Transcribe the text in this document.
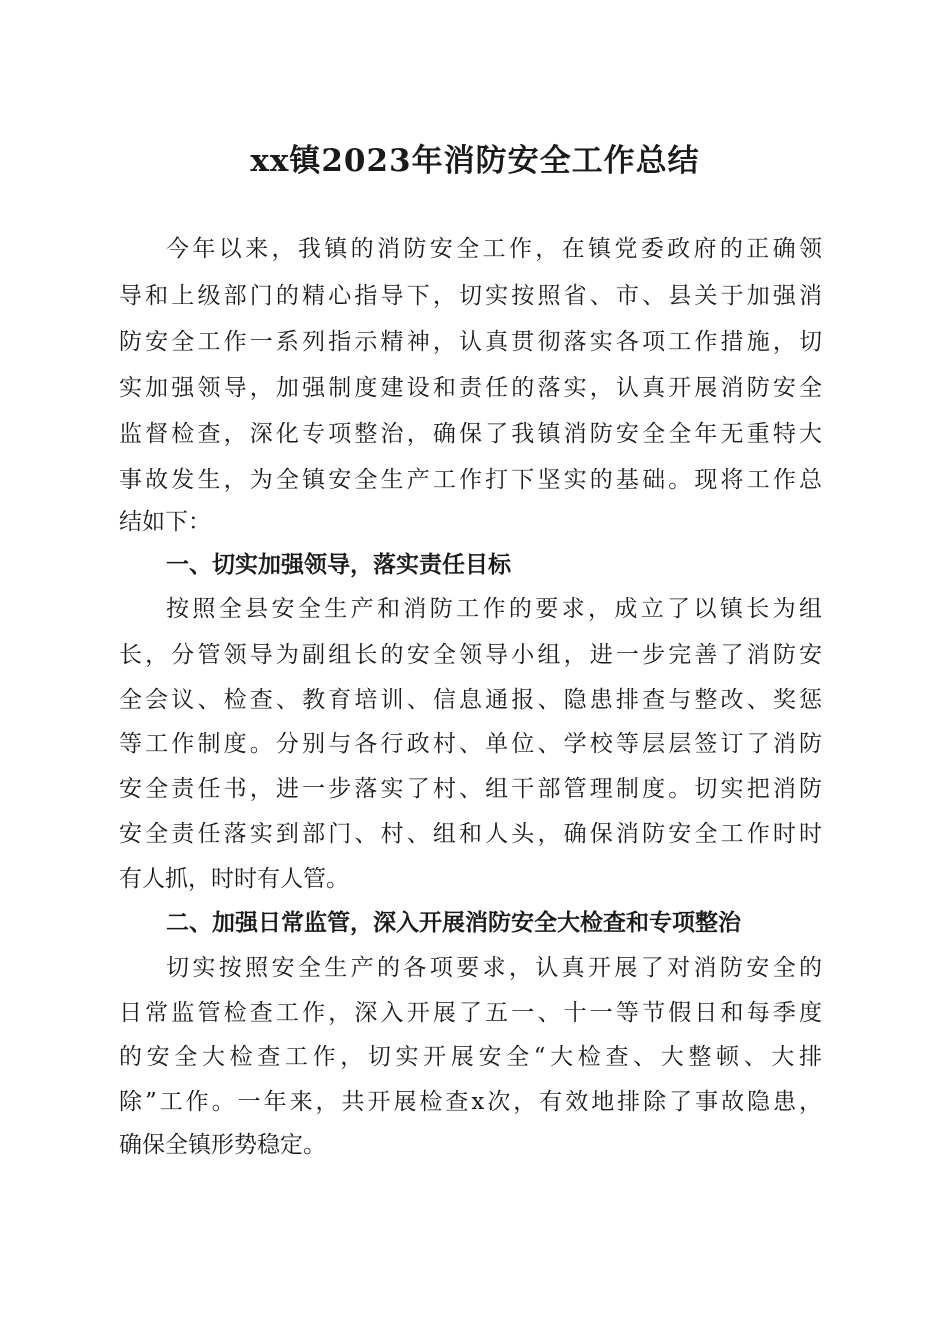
xx镇2023年消防安全工作总结

今年以来，我镇的消防安全工作，在镇党委政府的正确领

导和上级部门的精心指导下，切实按照省、市、县关于加强消

防安全工作一系列指示精神，认真贯彻落实各项工作措施，切

实加强领导，加强制度建设和责任的落实，认真开展消防安全

监督检查，深化专项整治，确保了我镇消防安全全年无重特大

事故发生，为全镇安全生产工作打下坚实的基础。现将工作总

结如下：

一、切实加强领导，落实责任目标

按照全县安全生产和消防工作的要求，成立了以镇长为组

长，分管领导为副组长的安全领导小组，进一步完善了消防安

全会议、检查、教育培训、信息通报、隐患排查与整改、奖惩

等工作制度。分别与各行政村、单位、学校等层层签订了消防

安全责任书，进一步落实了村、组干部管理制度。切实把消防

安全责任落实到部门、村、组和人头，确保消防安全工作时时

有人抓，时时有人管。

二、加强日常监管，深入开展消防安全大检查和专项整治

切实按照安全生产的各项要求，认真开展了对消防安全的

日常监管检查工作，深入开展了五一、十一等节假日和每季度

的安全大检查工作，切实开展安全“大检查、大整顿、大排

除”工作。一年来，共开展检查x次，有效地排除了事故隐患，

确保全镇形势稳定。
